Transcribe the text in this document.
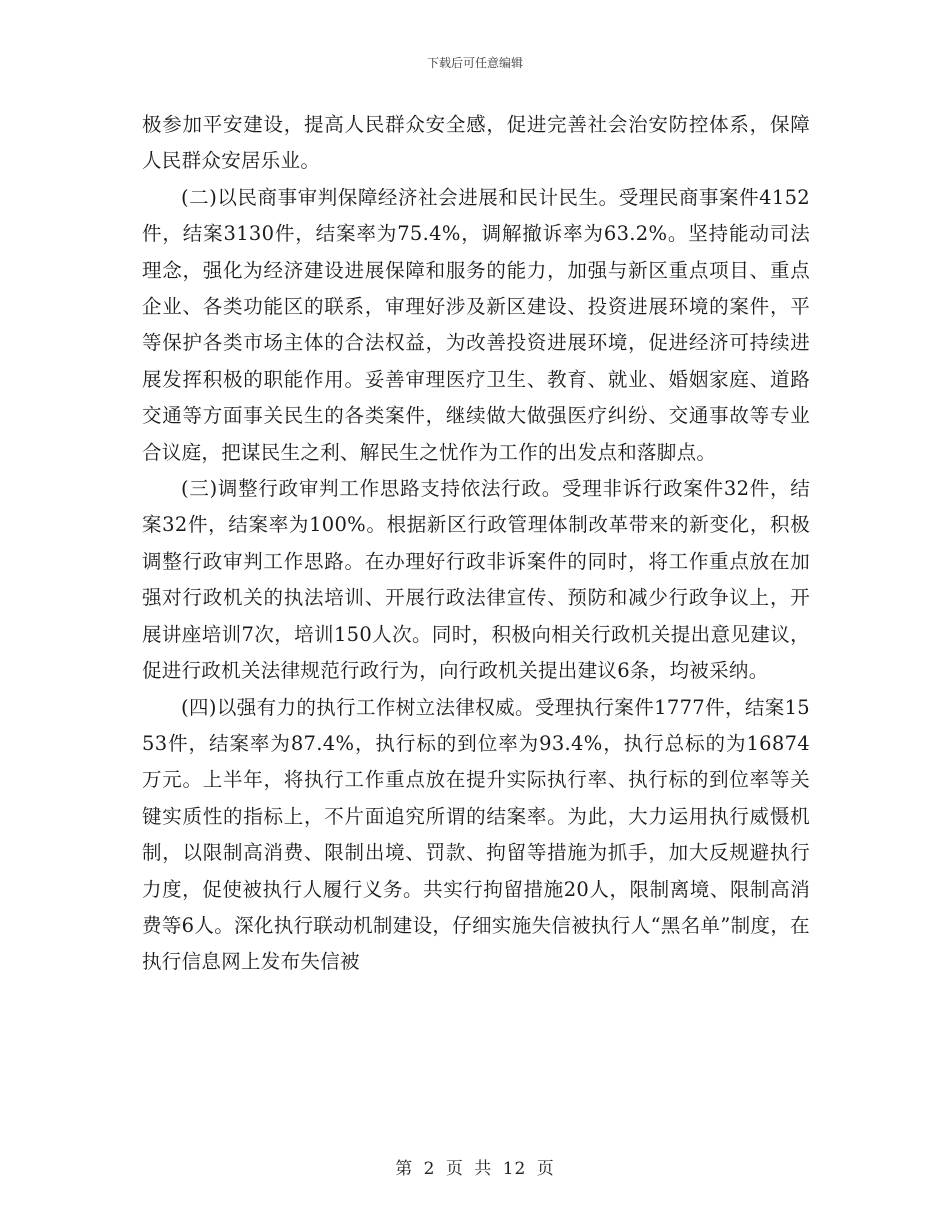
下载后可任意编辑

极参加平安建设，提高人民群众安全感，促进完善社会治安防控体系，保障人民群众安居乐业。

(二)以民商事审判保障经济社会进展和民计民生。受理民商事案件4152件，结案3130件，结案率为75.4%，调解撤诉率为63.2%。坚持能动司法理念，强化为经济建设进展保障和服务的能力，加强与新区重点项目、重点企业、各类功能区的联系，审理好涉及新区建设、投资进展环境的案件，平等保护各类市场主体的合法权益，为改善投资进展环境，促进经济可持续进展发挥积极的职能作用。妥善审理医疗卫生、教育、就业、婚姻家庭、道路交通等方面事关民生的各类案件，继续做大做强医疗纠纷、交通事故等专业合议庭，把谋民生之利、解民生之忧作为工作的出发点和落脚点。

(三)调整行政审判工作思路支持依法行政。受理非诉行政案件32件，结案32件，结案率为100%。根据新区行政管理体制改革带来的新变化，积极调整行政审判工作思路。在办理好行政非诉案件的同时，将工作重点放在加强对行政机关的执法培训、开展行政法律宣传、预防和减少行政争议上，开展讲座培训7次，培训150人次。同时，积极向相关行政机关提出意见建议，促进行政机关法律规范行政行为，向行政机关提出建议6条，均被采纳。

(四)以强有力的执行工作树立法律权威。受理执行案件1777件，结案1553件，结案率为87.4%，执行标的到位率为93.4%，执行总标的为16874万元。上半年，将执行工作重点放在提升实际执行率、执行标的到位率等关键实质性的指标上，不片面追究所谓的结案率。为此，大力运用执行威慑机制，以限制高消费、限制出境、罚款、拘留等措施为抓手，加大反规避执行力度，促使被执行人履行义务。共实行拘留措施20人，限制离境、限制高消费等6人。深化执行联动机制建设，仔细实施失信被执行人“黑名单”制度，在执行信息网上发布失信被

第 2 页 共 12 页
